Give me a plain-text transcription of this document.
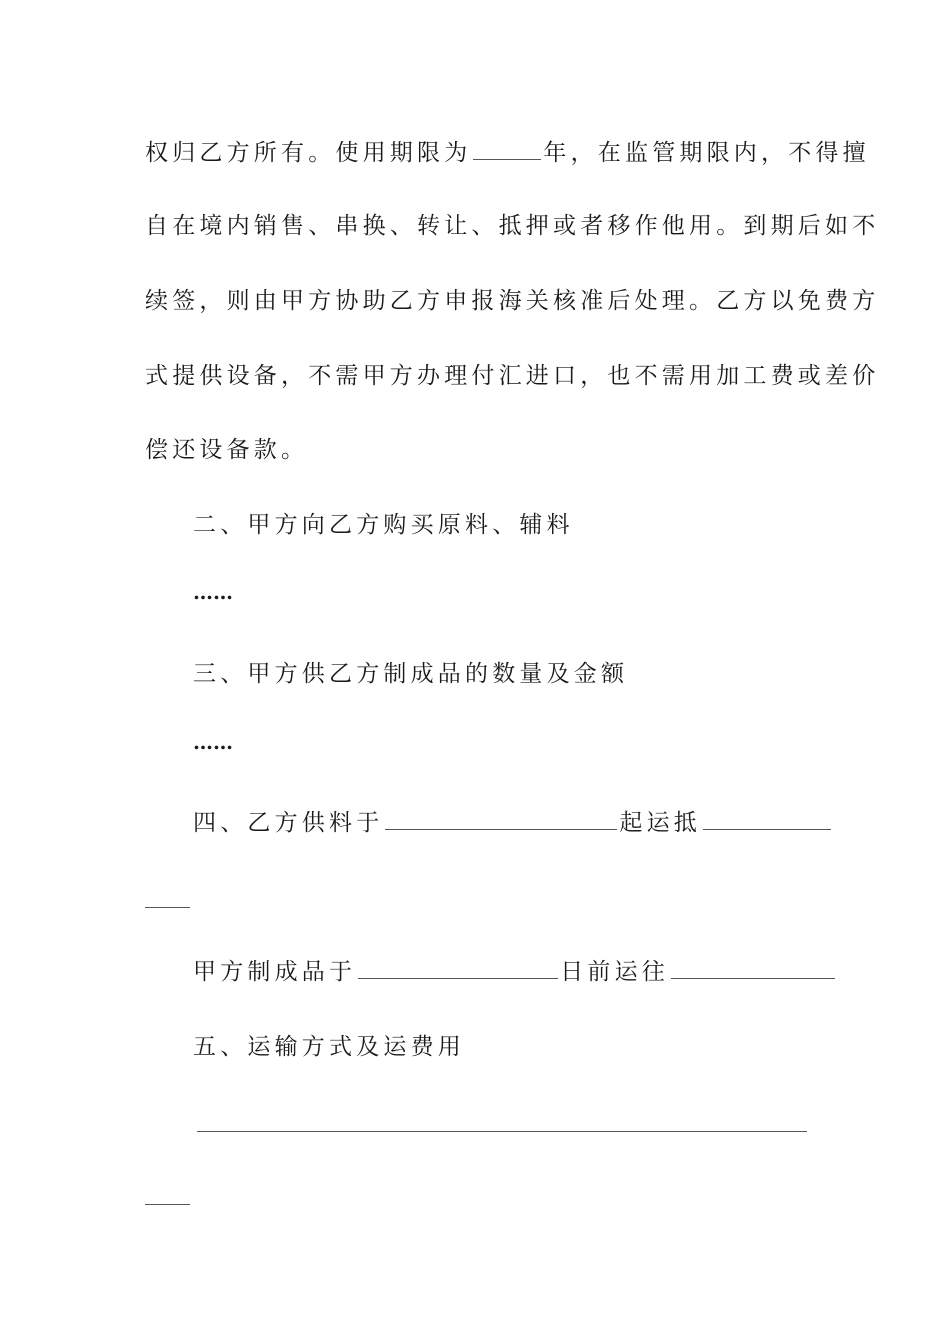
权归乙方所有。使用期限为	年，在监管期限内，不得擅
自在境内销售、串换、转让、抵押或者移作他用。到期后如不
续签，则由甲方协助乙方申报海关核准后处理。乙方以免费方
式提供设备，不需甲方办理付汇进口，也不需用加工费或差价
偿还设备款。
二、甲方向乙方购买原料、辅料
……
三、甲方供乙方制成品的数量及金额
……
四、乙方供料于	起运抵
甲方制成品于	日前运往
五、运输方式及运费用
